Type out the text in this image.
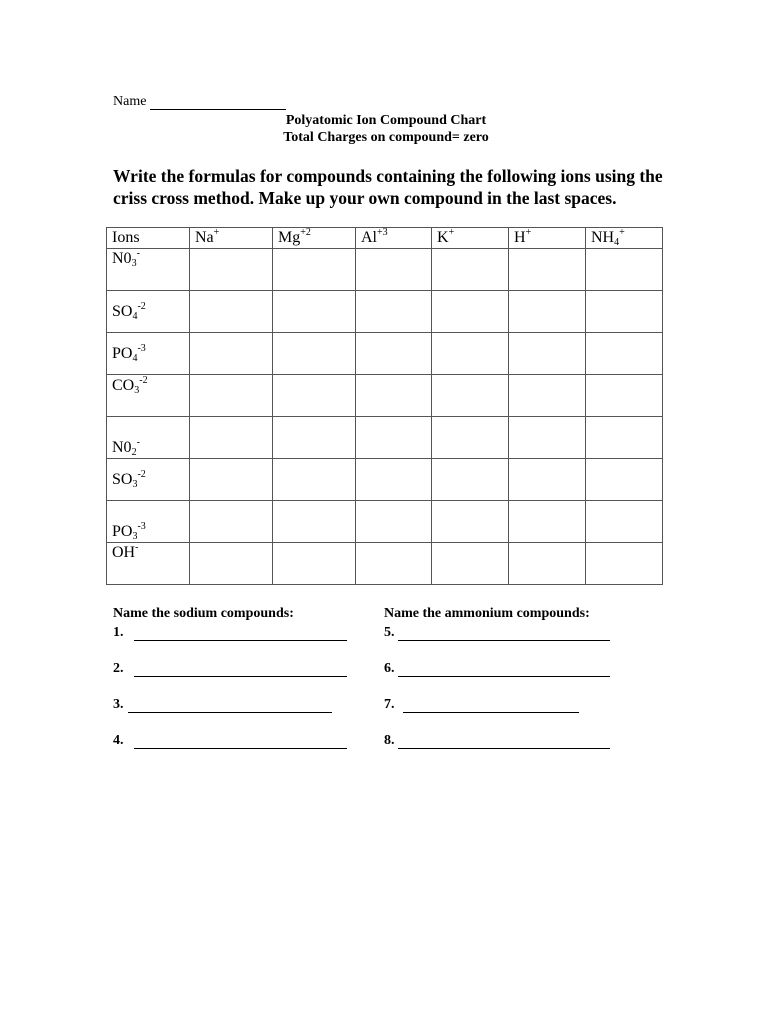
Name
Polyatomic Ion Compound Chart
Total Charges on compound= zero
Write the formulas for compounds containing the following ions using the criss cross method. Make up your own compound in the last spaces.
Ions	Na+	$Mg^{+2}$	$Al^{+3}$	K+	H+	$NH_4^+$

$N0_3^-$

$SO_4^{-2}$

$PO_4^{-3}$

$CO_3^{-2}$

$N0_2^-$

$SO_3^{-2}$

$PO_3^{-3}$

OH-

Name the sodium compounds:	Name the ammonium compounds:
1.
2.
3.
4.
5.
6.
7.
8.
